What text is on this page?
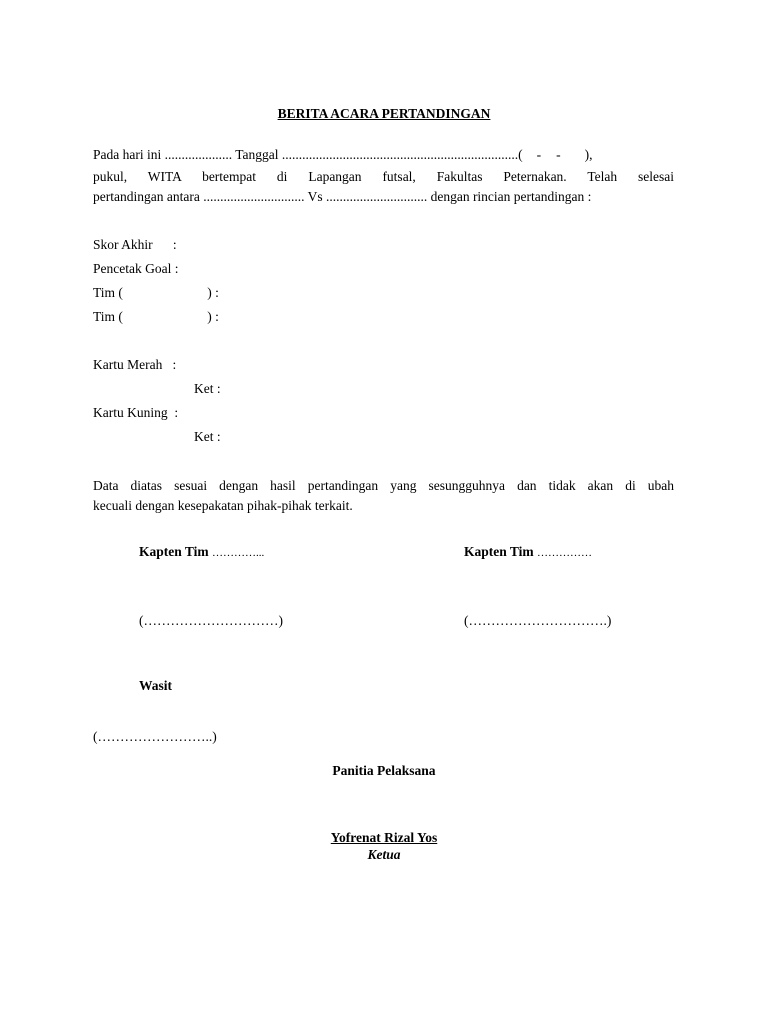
BERITA ACARA PERTANDINGAN
Pada hari ini .................... Tanggal ......................................................................( - - ),
pukul, WITA bertempat di Lapangan futsal, Fakultas Peternakan. Telah selesai
pertandingan antara .............................. Vs .............................. dengan rincian pertandingan :
Skor Akhir      :
Pencetak Goal :
Tim (                         ) :
Tim (                         ) :
Kartu Merah   :
Ket :
Kartu Kuning  :
Ket :
Data diatas sesuai dengan hasil pertandingan yang sesungguhnya dan tidak akan di ubah
kecuali dengan kesepakatan pihak-pihak terkait.
Kapten Tim …………...	Kapten Tim ……………
(…………………………)	(………………………….)
Wasit
(……………………..)
Panitia Pelaksana
Yofrenat Rizal Yos
Ketua
